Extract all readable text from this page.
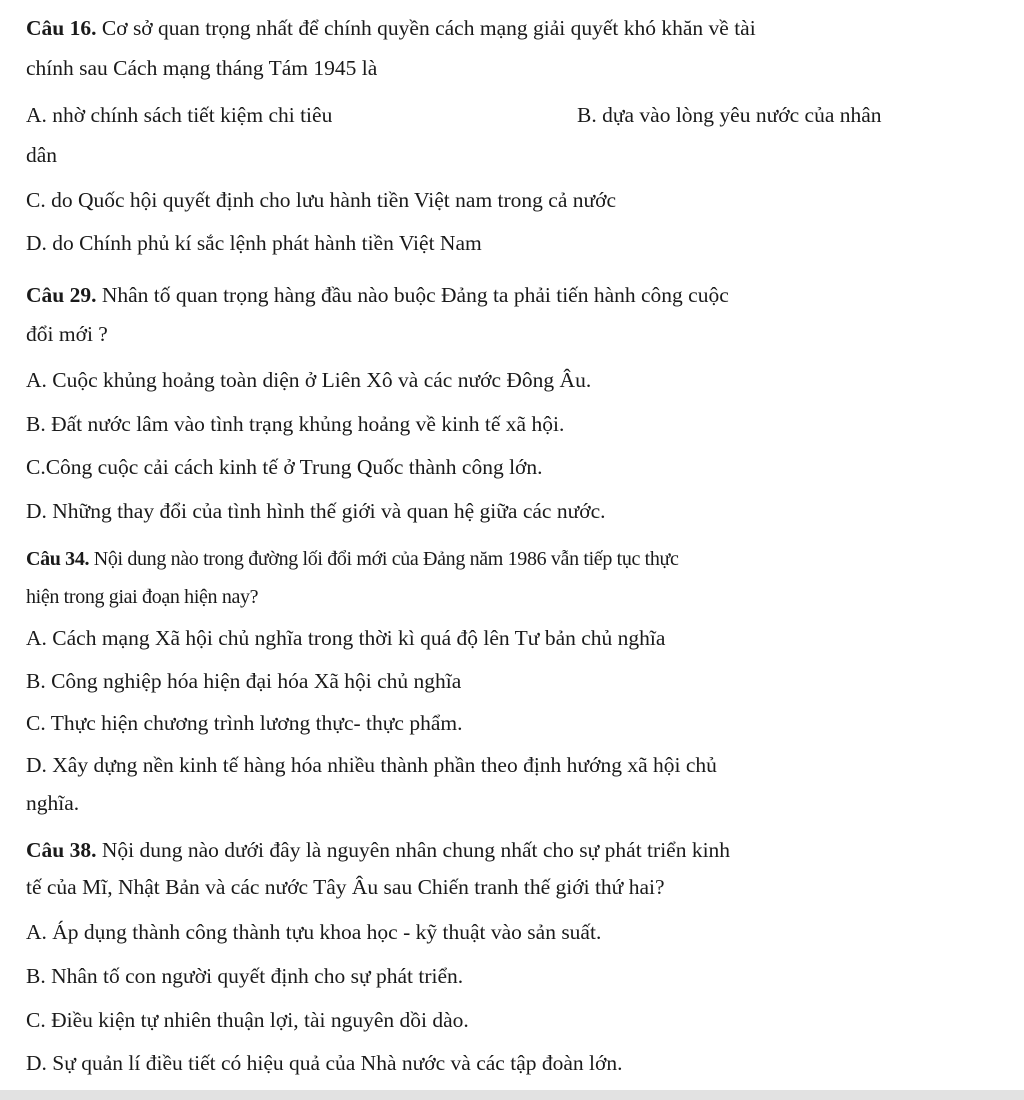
Câu 16. Cơ sở quan trọng nhất để chính quyền cách mạng giải quyết khó khăn về tài
chính sau Cách mạng tháng Tám 1945 là
A. nhờ chính sách tiết kiệm chi tiêu	B. dựa vào lòng yêu nước của nhân
dân
C. do Quốc hội quyết định cho lưu hành tiền Việt nam trong cả nước
D. do Chính phủ kí sắc lệnh phát hành tiền Việt Nam
Câu 29. Nhân tố quan trọng hàng đầu nào buộc Đảng ta phải tiến hành công cuộc
đổi mới ?
A. Cuộc khủng hoảng toàn diện ở Liên Xô và các nước Đông Âu.
B. Đất nước lâm vào tình trạng khủng hoảng về kinh tế xã hội.
C.Công cuộc cải cách kinh tế ở Trung Quốc thành công lớn.
D. Những thay đổi của tình hình thế giới và quan hệ giữa các nước.
Câu 34. Nội dung nào trong đường lối đổi mới của Đảng năm 1986 vẫn tiếp tục thực
hiện trong giai đoạn hiện nay?
A. Cách mạng Xã hội chủ nghĩa trong thời kì quá độ lên Tư bản chủ nghĩa
B. Công nghiệp hóa hiện đại hóa Xã hội chủ nghĩa
C. Thực hiện chương trình lương thực- thực phẩm.
D. Xây dựng nền kinh tế hàng hóa nhiều thành phần theo định hướng xã hội chủ
nghĩa.
Câu 38. Nội dung nào dưới đây là nguyên nhân chung nhất cho sự phát triển kinh
tế của Mĩ, Nhật Bản và các nước Tây Âu sau Chiến tranh thế giới thứ hai?
A. Áp dụng thành công thành tựu khoa học - kỹ thuật vào sản suất.
B. Nhân tố con người quyết định cho sự phát triển.
C. Điều kiện tự nhiên thuận lợi, tài nguyên dồi dào.
D. Sự quản lí điều tiết có hiệu quả của Nhà nước và các tập đoàn lớn.
